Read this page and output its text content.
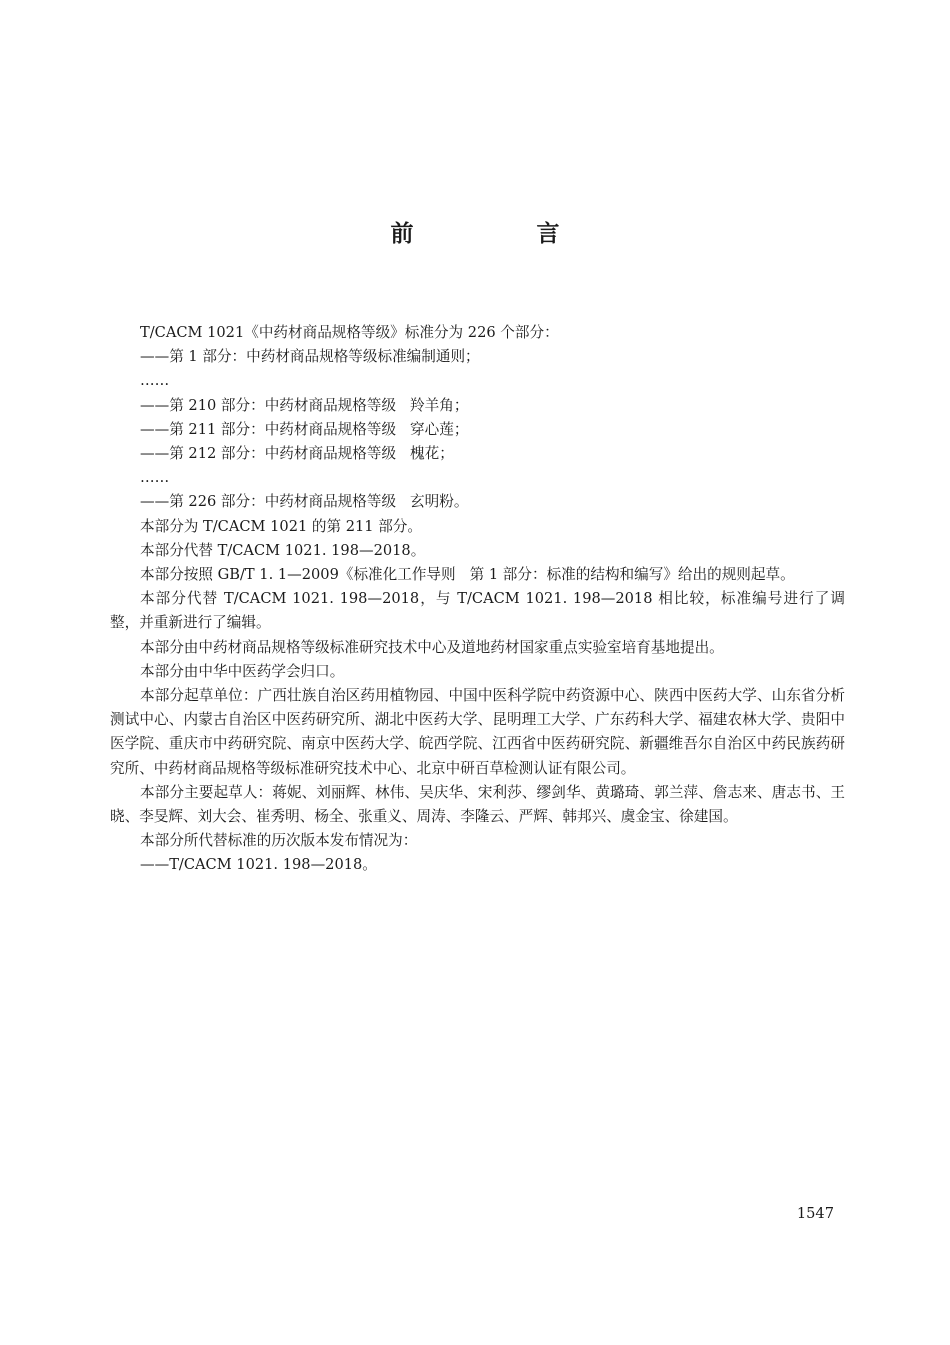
前　言
T/CACM 1021《中药材商品规格等级》标准分为 226 个部分：
——第 1 部分：中药材商品规格等级标准编制通则；
……
——第 210 部分：中药材商品规格等级 羚羊角；
——第 211 部分：中药材商品规格等级 穿心莲；
——第 212 部分：中药材商品规格等级 槐花；
……
——第 226 部分：中药材商品规格等级 玄明粉。
本部分为 T/CACM 1021 的第 211 部分。
本部分代替 T/CACM 1021. 198—2018。
本部分按照 GB/T 1. 1—2009《标准化工作导则 第 1 部分：标准的结构和编写》给出的规则起草。
本部分代替 T/CACM 1021. 198—2018，与 T/CACM 1021. 198—2018 相比较，标准编号进行了调整，并重新进行了编辑。
本部分由中药材商品规格等级标准研究技术中心及道地药材国家重点实验室培育基地提出。
本部分由中华中医药学会归口。
本部分起草单位：广西壮族自治区药用植物园、中国中医科学院中药资源中心、陕西中医药大学、山东省分析测试中心、内蒙古自治区中医药研究所、湖北中医药大学、昆明理工大学、广东药科大学、福建农林大学、贵阳中医学院、重庆市中药研究院、南京中医药大学、皖西学院、江西省中医药研究院、新疆维吾尔自治区中药民族药研究所、中药材商品规格等级标准研究技术中心、北京中研百草检测认证有限公司。
本部分主要起草人：蒋妮、刘丽辉、林伟、吴庆华、宋利莎、缪剑华、黄璐琦、郭兰萍、詹志来、唐志书、王晓、李旻辉、刘大会、崔秀明、杨全、张重义、周涛、李隆云、严辉、韩邦兴、虞金宝、徐建国。
本部分所代替标准的历次版本发布情况为：
——T/CACM 1021. 198—2018。
1547
